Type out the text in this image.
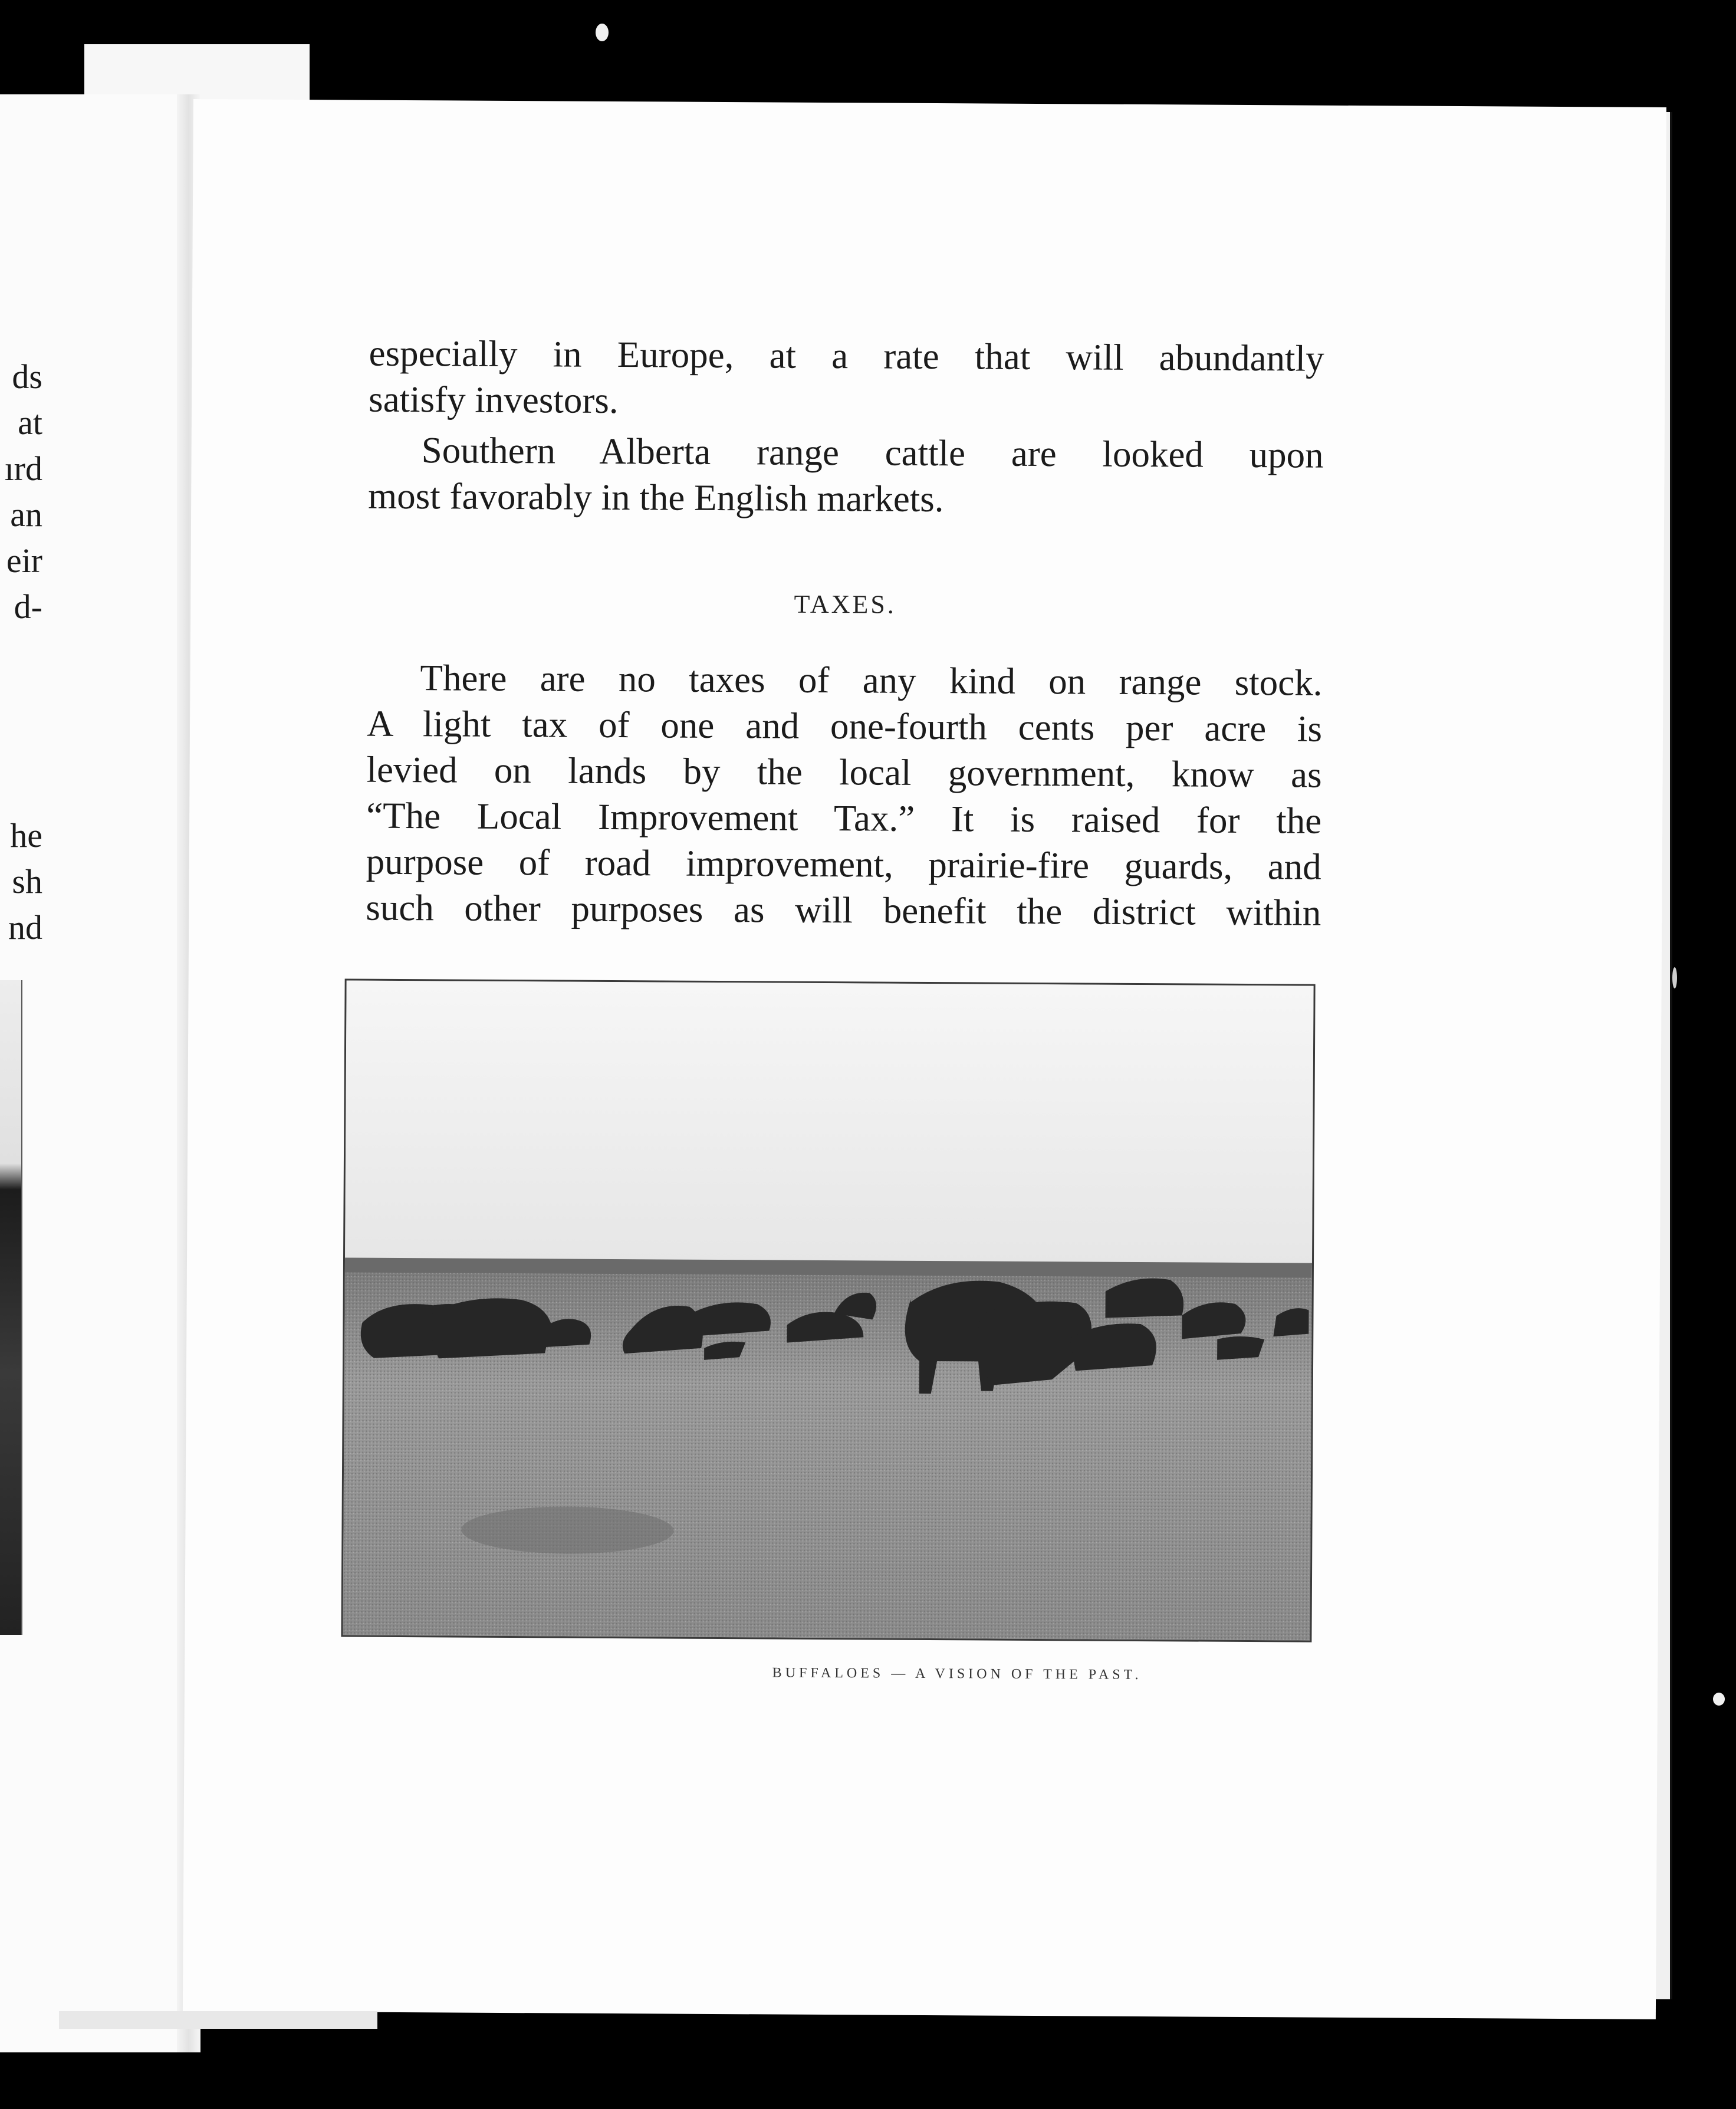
ds
at
ırd
an
eir
d-
he
sh
nd
especially in Europe, at a rate that will abundantly
satisfy investors.
Southern Alberta range cattle are looked upon
most favorably in the English markets.
TAXES.
There are no taxes of any kind on range stock.
A light tax of one and one-fourth cents per acre is
levied on lands by the local government, know as
“The Local Improvement Tax.” It is raised for the
purpose of road improvement, prairie-fire guards, and
such other purposes as will benefit the district within
BUFFALOES — A VISION OF THE PAST.
